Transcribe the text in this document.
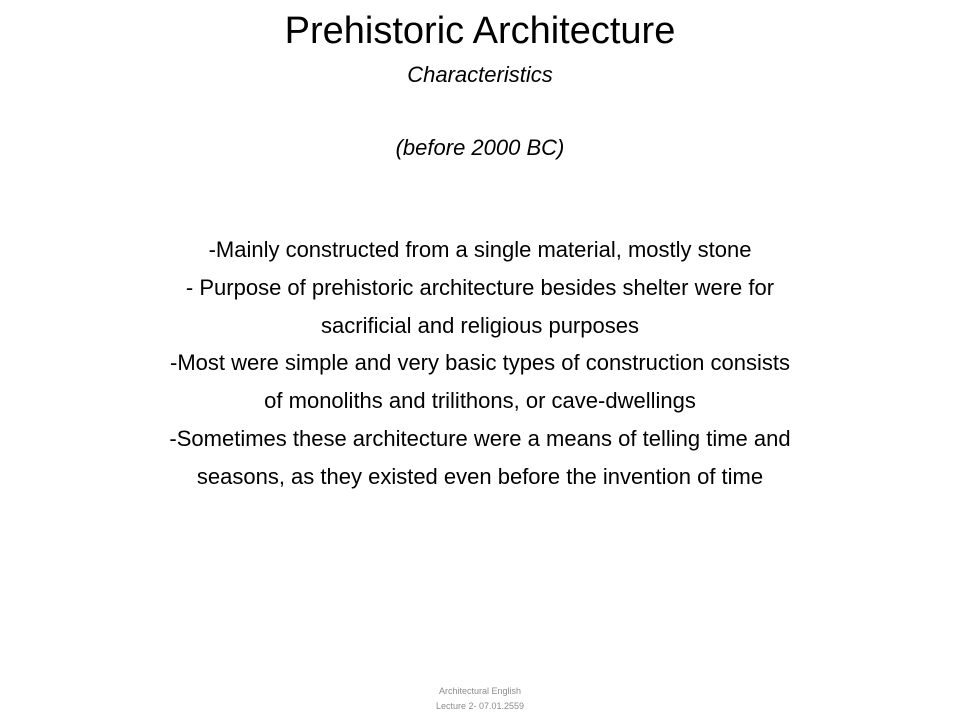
Prehistoric Architecture
Characteristics
(before 2000 BC)
-Mainly constructed from a single material, mostly stone
- Purpose of prehistoric architecture besides shelter were for
sacrificial and religious purposes
-Most were simple and very basic types of construction consists
of monoliths and trilithons, or cave-dwellings
-Sometimes these architecture were a means of telling time and
seasons, as they existed even before the invention of time
Architectural English
Lecture 2- 07.01.2559
